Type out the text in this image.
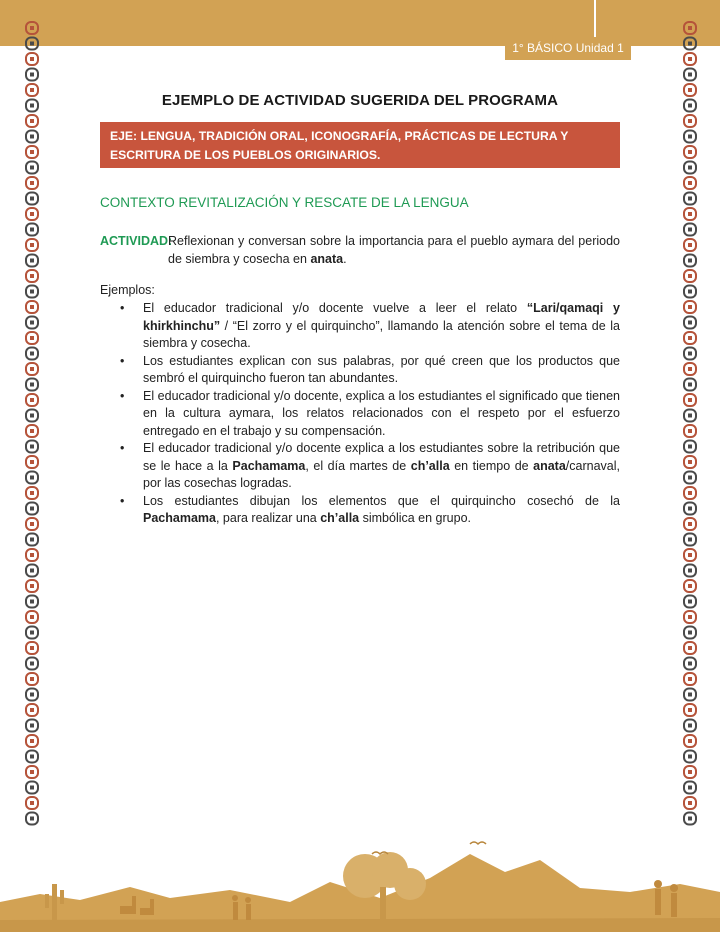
1° BÁSICO Unidad 1
EJEMPLO DE ACTIVIDAD SUGERIDA DEL PROGRAMA
EJE: LENGUA, TRADICIÓN ORAL, ICONOGRAFÍA, PRÁCTICAS DE LECTURA Y ESCRITURA DE LOS PUEBLOS ORIGINARIOS.
CONTEXTO REVITALIZACIÓN Y RESCATE DE LA LENGUA
ACTIVIDAD:
Reflexionan y conversan sobre la importancia para el pueblo aymara del periodo de siembra y cosecha en anata.
Ejemplos:
• El educador tradicional y/o docente vuelve a leer el relato “Lari/qamaqi y khirkhinchu” / “El zorro y el quirquincho”, llamando la atención sobre el tema de la siembra y cosecha.
• Los estudiantes explican con sus palabras, por qué creen que los productos que sembró el quirquincho fueron tan abundantes.
• El educador tradicional y/o docente, explica a los estudiantes el significado que tienen en la cultura aymara, los relatos relacionados con el respeto por el esfuerzo entregado en el trabajo y su compensación.
• El educador tradicional y/o docente explica a los estudiantes sobre la retribución que se le hace a la Pachamama, el día martes de ch’alla en tiempo de anata/carnaval, por las cosechas logradas.
• Los estudiantes dibujan los elementos que el quirquincho cosechó de la Pachamama, para realizar una ch’alla simbólica en grupo.
